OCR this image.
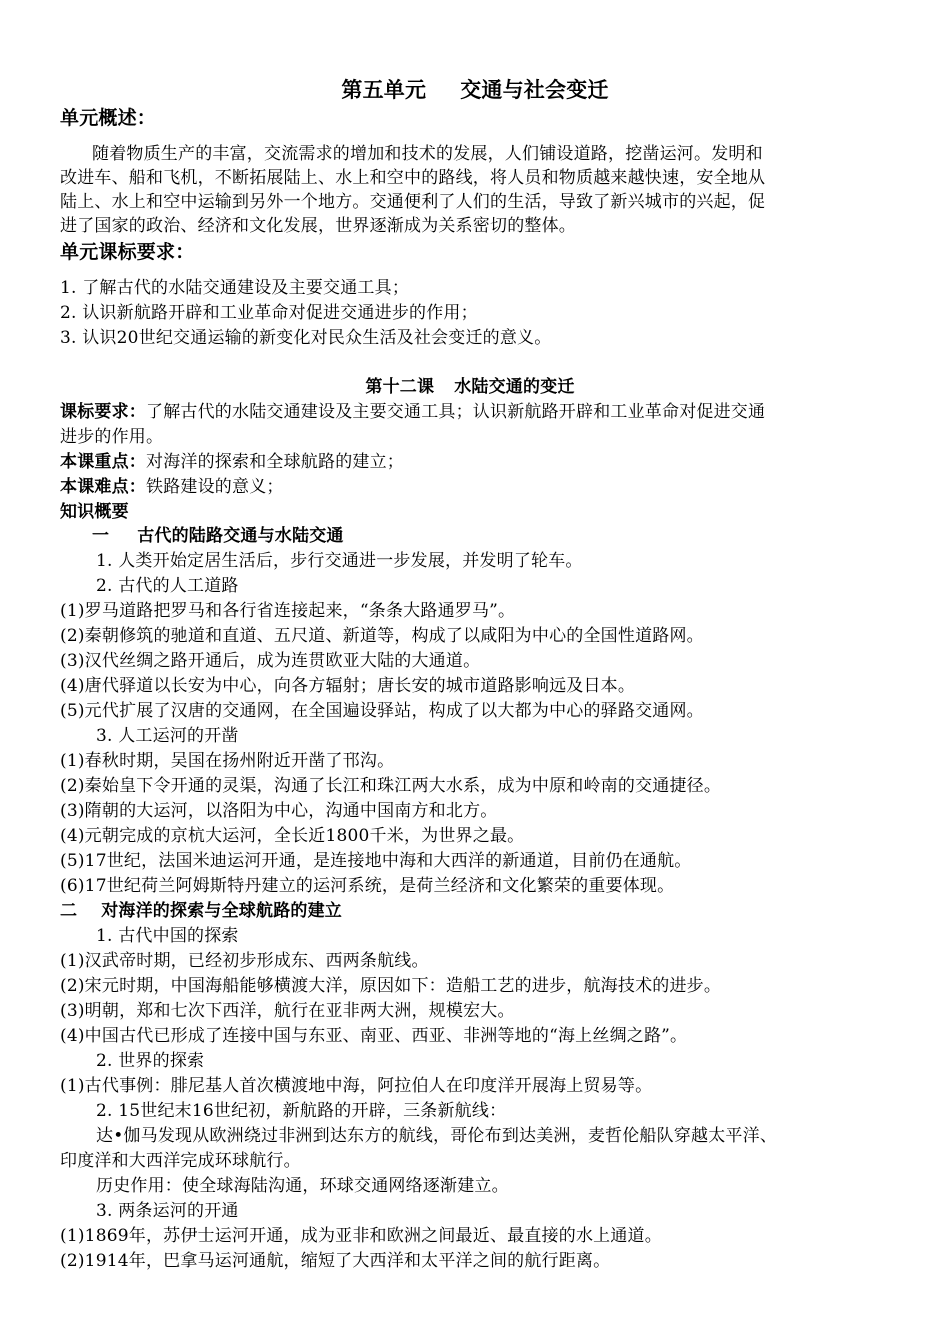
第五单元 交通与社会变迁
单元概述：
随着物质生产的丰富，交流需求的增加和技术的发展，人们铺设道路，挖凿运河。发明和
改进车、船和飞机，不断拓展陆上、水上和空中的路线，将人员和物质越来越快速，安全地从
陆上、水上和空中运输到另外一个地方。交通便利了人们的生活，导致了新兴城市的兴起，促
进了国家的政治、经济和文化发展，世界逐渐成为关系密切的整体。
单元课标要求：
1. 了解古代的水陆交通建设及主要交通工具；
2. 认识新航路开辟和工业革命对促进交通进步的作用；
3. 认识20世纪交通运输的新变化对民众生活及社会变迁的意义。
第十二课 水陆交通的变迁
课标要求：了解古代的水陆交通建设及主要交通工具；认识新航路开辟和工业革命对促进交通
进步的作用。
本课重点：对海洋的探索和全球航路的建立；
本课难点：铁路建设的意义；
知识概要
一 古代的陆路交通与水陆交通
1. 人类开始定居生活后，步行交通进一步发展，并发明了轮车。
2. 古代的人工道路
(1)罗马道路把罗马和各行省连接起来，“条条大路通罗马”。
(2)秦朝修筑的驰道和直道、五尺道、新道等，构成了以咸阳为中心的全国性道路网。
(3)汉代丝绸之路开通后，成为连贯欧亚大陆的大通道。
(4)唐代驿道以长安为中心，向各方辐射；唐长安的城市道路影响远及日本。
(5)元代扩展了汉唐的交通网，在全国遍设驿站，构成了以大都为中心的驿路交通网。
3. 人工运河的开凿
(1)春秋时期，吴国在扬州附近开凿了邗沟。
(2)秦始皇下令开通的灵渠，沟通了长江和珠江两大水系，成为中原和岭南的交通捷径。
(3)隋朝的大运河，以洛阳为中心，沟通中国南方和北方。
(4)元朝完成的京杭大运河，全长近1800千米，为世界之最。
(5)17世纪，法国米迪运河开通，是连接地中海和大西洋的新通道，目前仍在通航。
(6)17世纪荷兰阿姆斯特丹建立的运河系统，是荷兰经济和文化繁荣的重要体现。
二 对海洋的探索与全球航路的建立
1. 古代中国的探索
(1)汉武帝时期，已经初步形成东、西两条航线。
(2)宋元时期，中国海船能够横渡大洋，原因如下：造船工艺的进步，航海技术的进步。
(3)明朝，郑和七次下西洋，航行在亚非两大洲，规模宏大。
(4)中国古代已形成了连接中国与东亚、南亚、西亚、非洲等地的“海上丝绸之路”。
2. 世界的探索
(1)古代事例：腓尼基人首次横渡地中海，阿拉伯人在印度洋开展海上贸易等。
2. 15世纪末16世纪初，新航路的开辟，三条新航线：
达•伽马发现从欧洲绕过非洲到达东方的航线，哥伦布到达美洲，麦哲伦船队穿越太平洋、
印度洋和大西洋完成环球航行。
历史作用：使全球海陆沟通，环球交通网络逐渐建立。
3. 两条运河的开通
(1)1869年，苏伊士运河开通，成为亚非和欧洲之间最近、最直接的水上通道。
(2)1914年，巴拿马运河通航，缩短了大西洋和太平洋之间的航行距离。
